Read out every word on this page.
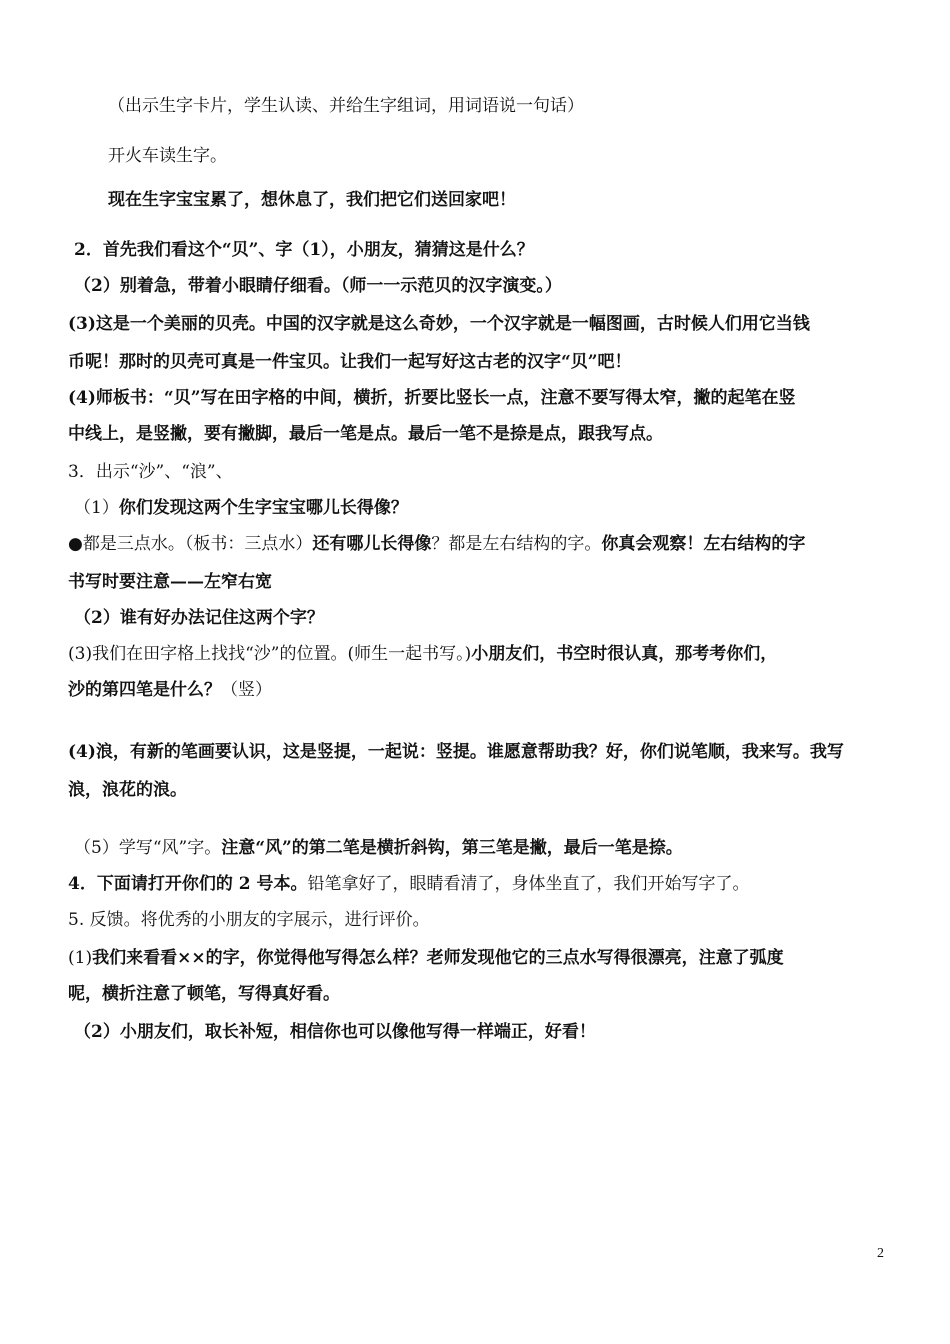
（出示生字卡片，学生认读、并给生字组词，用词语说一句话）
开火车读生字。
现在生字宝宝累了，想休息了，我们把它们送回家吧！
2．首先我们看这个“贝”、字（1），小朋友，猜猜这是什么？
（2）别着急，带着小眼睛仔细看。（师一一示范贝的汉字演变。）
(3)这是一个美丽的贝壳。中国的汉字就是这么奇妙，一个汉字就是一幅图画，古时候人们用它当钱
币呢！那时的贝壳可真是一件宝贝。让我们一起写好这古老的汉字“贝”吧！
(4)师板书：“贝”写在田字格的中间，横折，折要比竖长一点，注意不要写得太窄，撇的起笔在竖
中线上，是竖撇，要有撇脚，最后一笔是点。最后一笔不是捺是点，跟我写点。
3．出示“沙”、“浪”、
（1）你们发现这两个生字宝宝哪儿长得像？
●都是三点水。（板书：三点水）还有哪儿长得像？都是左右结构的字。你真会观察！左右结构的字
书写时要注意——左窄右宽
（2）谁有好办法记住这两个字？
(3)我们在田字格上找找“沙”的位置。(师生一起书写。)小朋友们，书空时很认真，那考考你们，
沙的第四笔是什么？（竖）
(4)浪，有新的笔画要认识，这是竖提，一起说：竖提。谁愿意帮助我？好，你们说笔顺，我来写。我写
浪，浪花的浪。
（5）学写“风”字。注意“风”的第二笔是横折斜钩，第三笔是撇，最后一笔是捺。
4．下面请打开你们的 2 号本。铅笔拿好了，眼睛看清了，身体坐直了，我们开始写字了。
5. 反馈。将优秀的小朋友的字展示，进行评价。
(1)我们来看看××的字，你觉得他写得怎么样？老师发现他它的三点水写得很漂亮，注意了弧度
呢，横折注意了顿笔，写得真好看。
（2）小朋友们，取长补短，相信你也可以像他写得一样端正，好看！
2
